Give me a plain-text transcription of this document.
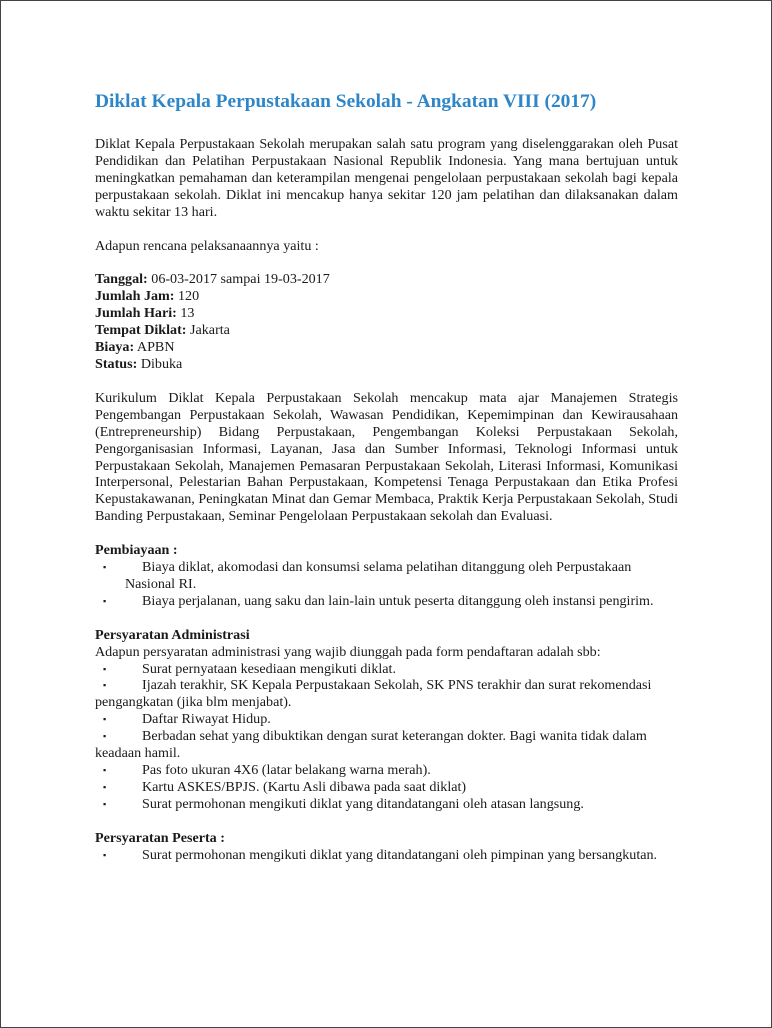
Diklat Kepala Perpustakaan Sekolah - Angkatan VIII (2017)

Diklat Kepala Perpustakaan Sekolah merupakan salah satu program yang diselenggarakan oleh Pusat Pendidikan dan Pelatihan Perpustakaan Nasional Republik Indonesia. Yang mana bertujuan untuk meningkatkan pemahaman dan keterampilan mengenai pengelolaan perpustakaan sekolah bagi kepala perpustakaan sekolah. Diklat ini mencakup hanya sekitar 120 jam pelatihan dan dilaksanakan dalam waktu sekitar 13 hari.

Adapun rencana pelaksanaannya yaitu :

Tanggal: 06-03-2017 sampai 19-03-2017

Jumlah Jam: 120

Jumlah Hari: 13

Tempat Diklat: Jakarta

Biaya: APBN

Status: Dibuka

Kurikulum Diklat Kepala Perpustakaan Sekolah mencakup mata ajar Manajemen Strategis Pengembangan Perpustakaan Sekolah, Wawasan Pendidikan, Kepemimpinan dan Kewirausahaan (Entrepreneurship) Bidang Perpustakaan, Pengembangan Koleksi Perpustakaan Sekolah, Pengorganisasian Informasi, Layanan, Jasa dan Sumber Informasi, Teknologi Informasi untuk Perpustakaan Sekolah, Manajemen Pemasaran Perpustakaan Sekolah, Literasi Informasi, Komunikasi Interpersonal, Pelestarian Bahan Perpustakaan, Kompetensi Tenaga Perpustakaan dan Etika Profesi Kepustakawanan, Peningkatan Minat dan Gemar Membaca, Praktik Kerja Perpustakaan Sekolah, Studi Banding Perpustakaan, Seminar Pengelolaan Perpustakaan sekolah dan Evaluasi.

Pembiayaan :

▪	Biaya diklat, akomodasi dan konsumsi selama pelatihan ditanggung oleh Perpustakaan Nasional RI.
▪	Biaya perjalanan, uang saku dan lain-lain untuk peserta ditanggung oleh instansi pengirim.

Persyaratan Administrasi

Adapun persyaratan administrasi yang wajib diunggah pada form pendaftaran adalah sbb:

▪	Surat pernyataan kesediaan mengikuti diklat.
▪	Ijazah terakhir, SK Kepala Perpustakaan Sekolah, SK PNS terakhir dan surat rekomendasi pengangkatan (jika blm menjabat).
▪	Daftar Riwayat Hidup.
▪	Berbadan sehat yang dibuktikan dengan surat keterangan dokter. Bagi wanita tidak dalam keadaan hamil.
▪	Pas foto ukuran 4X6 (latar belakang warna merah).
▪	Kartu ASKES/BPJS. (Kartu Asli dibawa pada saat diklat)
▪	Surat permohonan mengikuti diklat yang ditandatangani oleh atasan langsung.

Persyaratan Peserta :

▪	Surat permohonan mengikuti diklat yang ditandatangani oleh pimpinan yang bersangkutan.
